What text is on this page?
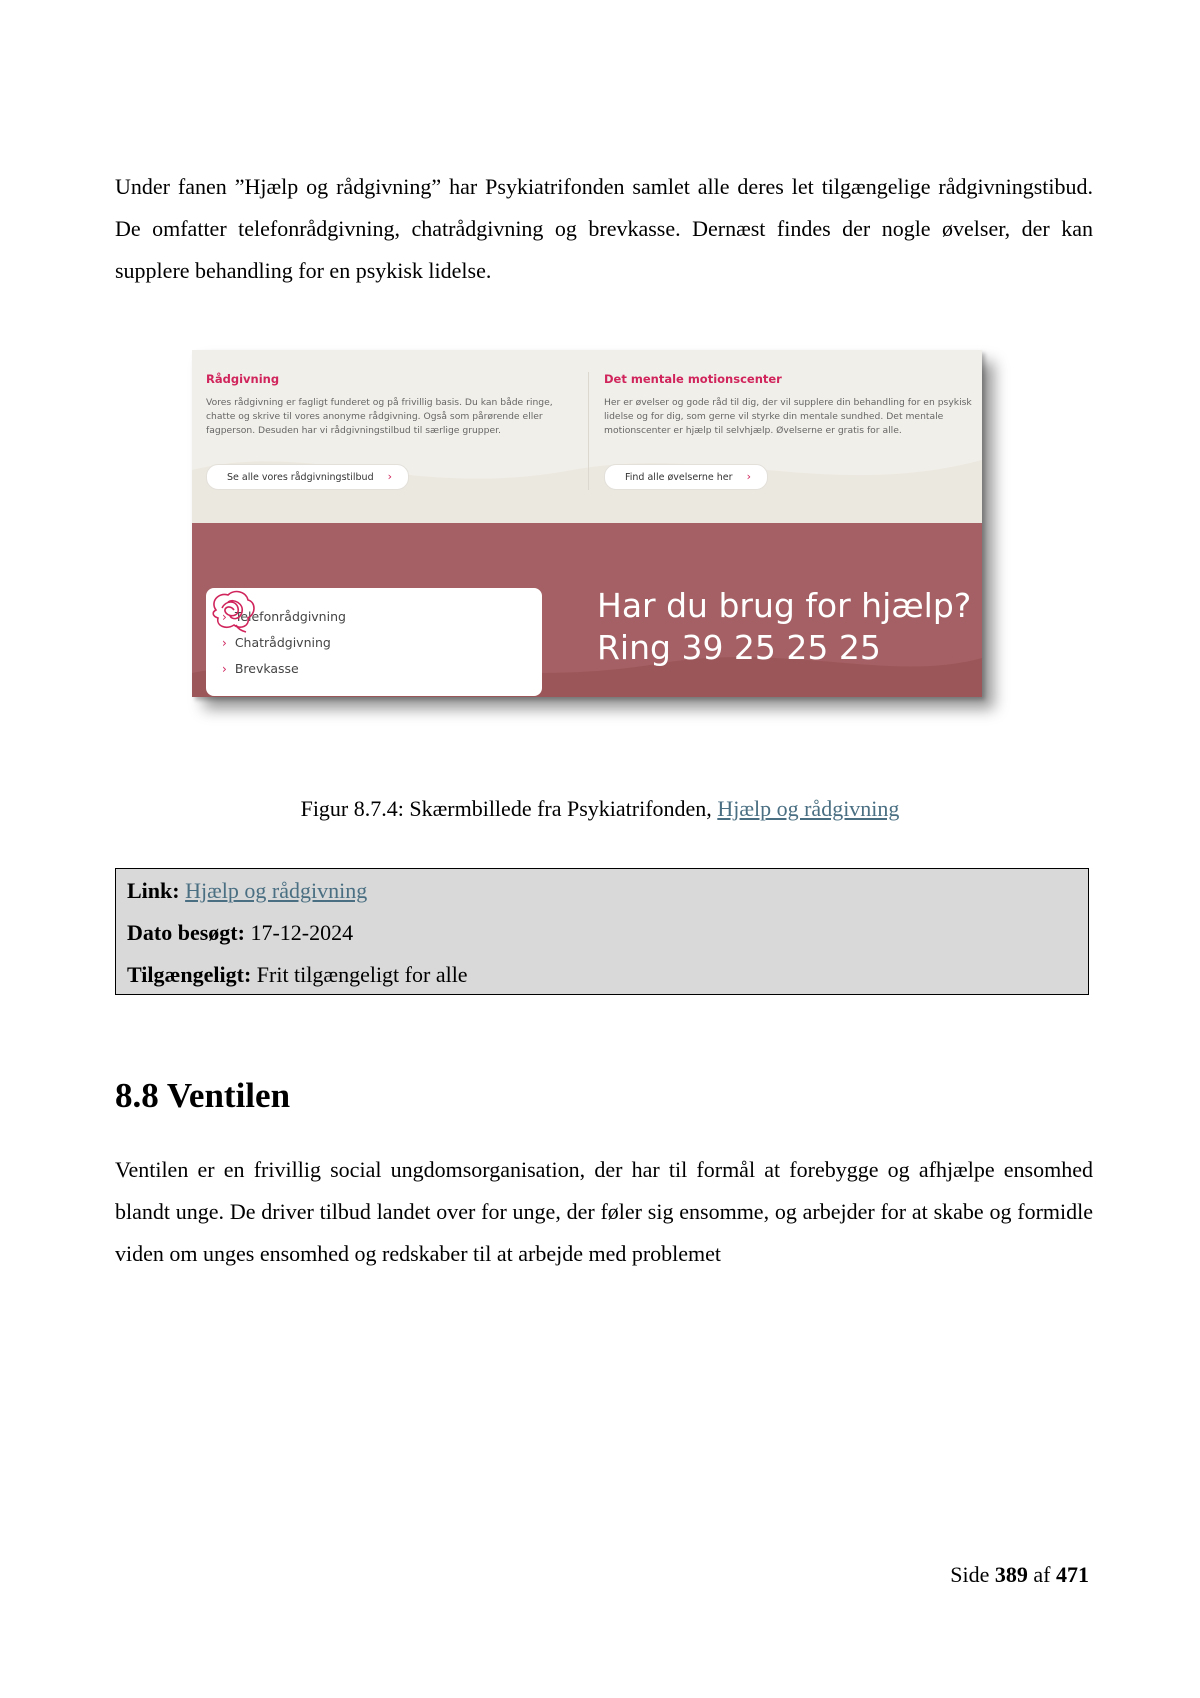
Under fanen ”Hjælp og rådgivning” har Psykiatrifonden samlet alle deres let tilgængelige rådgivningstibud. De omfatter telefonrådgivning, chatrådgivning og brevkasse. Dernæst findes der nogle øvelser, der kan supplere behandling for en psykisk lidelse.

Rådgivning

Vores rådgivning er fagligt funderet og på frivillig basis. Du kan både ringe, chatte og skrive til vores anonyme rådgivning. Også som pårørende eller fagperson. Desuden har vi rådgivningstilbud til særlige grupper.

Det mentale motionscenter

Her er øvelser og gode råd til dig, der vil supplere din behandling for en psykisk lidelse og for dig, som gerne vil styrke din mentale sundhed. Det mentale motionscenter er hjælp til selvhjælp. Øvelserne er gratis for alle.

Se alle vores rådgivningstilbud ›	Find alle øvelserne her ›
› Telefonrådgivning
› Chatrådgivning
› Brevkasse
Har du brug for hjælp?
Ring 39 25 25 25
Figur 8.7.4: Skærmbillede fra Psykiatrifonden, Hjælp og rådgivning
Link: Hjælp og rådgivning
Dato besøgt: 17-12-2024
Tilgængeligt: Frit tilgængeligt for alle
8.8 Ventilen

Ventilen er en frivillig social ungdomsorganisation, der har til formål at forebygge og afhjælpe ensomhed blandt unge. De driver tilbud landet over for unge, der føler sig ensomme, og arbejder for at skabe og formidle viden om unges ensomhed og redskaber til at arbejde med problemet

Side 389 af 471
